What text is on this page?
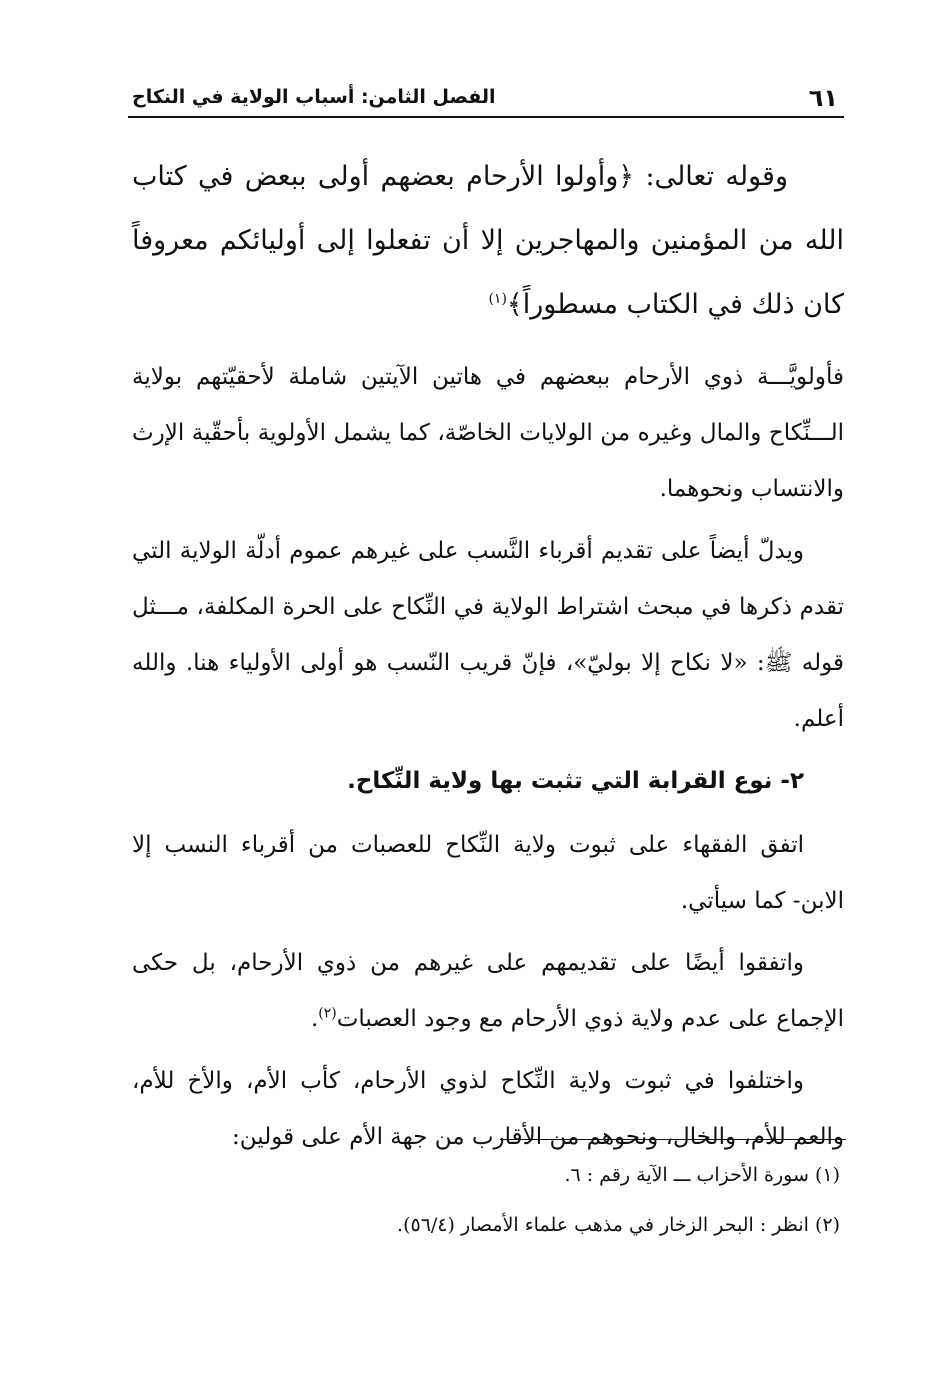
٦١
الفصل الثامن: أسباب الولاية في النكاح

وقوله تعالى: ﴿وأولوا الأرحام بعضهم أولى ببعض في كتاب الله من المؤمنين والمهاجرين إلا أن تفعلوا إلى أوليائكم معروفاً كان ذلك في الكتاب مسطوراً﴾$^{(١)}$

فأولويَّـــة ذوي الأرحام ببعضهم في هاتين الآيتين شاملة لأحقيّتهم بولاية الـــنِّكاح والمال وغيره من الولايات الخاصّة، كما يشمل الأولوية بأحقّية الإرث والانتساب ونحوهما.

ويدلّ أيضاً على تقديم أقرباء النَّسب على غيرهم عموم أدلّة الولاية التي تقدم ذكرها في مبحث اشتراط الولاية في النِّكاح على الحرة المكلفة، مـــثل قوله ﷺ: «لا نكاح إلا بوليّ»، فإنّ قريب النّسب هو أولى الأولياء هنا. والله أعلم.

٢- نوع القرابة التي تثبت بها ولاية النِّكاح.

اتفق الفقهاء على ثبوت ولاية النِّكاح للعصبات من أقرباء النسب إلا الابن- كما سيأتي.

واتفقوا أيضًا على تقديمهم على غيرهم من ذوي الأرحام، بل حكى الإجماع على عدم ولاية ذوي الأرحام مع وجود العصبات$^{(٢)}$.

واختلفوا في ثبوت ولاية النِّكاح لذوي الأرحام، كأب الأم، والأخ للأم، والعم للأم، والخال، ونحوهم من الأقارب من جهة الأم على قولين:

(١) سورة الأحزاب ـــ الآية رقم : ٦.

(٢) انظر : البحر الزخار في مذهب علماء الأمصار (٥٦/٤).
